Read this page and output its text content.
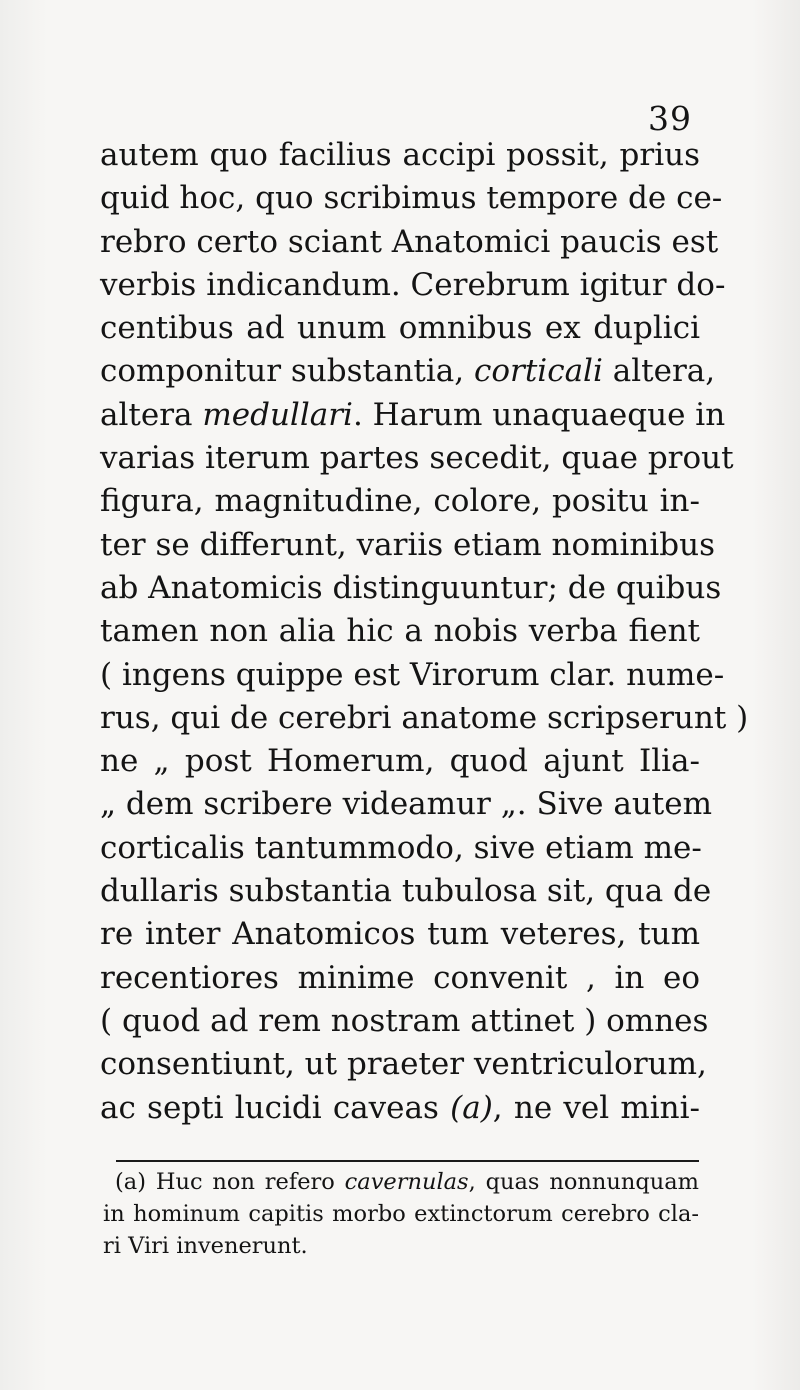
39
autem quo facilius accipi possit, prius
quid hoc, quo scribimus tempore de ce-
rebro certo sciant Anatomici paucis est
verbis indicandum. Cerebrum igitur do-
centibus ad unum omnibus ex duplici
componitur substantia, corticali altera,
altera medullari. Harum unaquaeque in
varias iterum partes secedit, quae prout
figura, magnitudine, colore, positu in-
ter se differunt, variis etiam nominibus
ab Anatomicis distinguuntur; de quibus
tamen non alia hic a nobis verba fient
( ingens quippe est Virorum clar. nume-
rus, qui de cerebri anatome scripserunt )
ne „ post Homerum, quod ajunt Ilia-
„ dem scribere videamur „. Sive autem
corticalis tantummodo, sive etiam me-
dullaris substantia tubulosa sit, qua de
re inter Anatomicos tum veteres, tum
recentiores minime convenit , in eo
( quod ad rem nostram attinet ) omnes
consentiunt, ut praeter ventriculorum,
ac septi lucidi caveas (a), ne vel mini-
(a) Huc non refero cavernulas, quas nonnunquam
in hominum capitis morbo extinctorum cerebro cla-
ri Viri invenerunt.
